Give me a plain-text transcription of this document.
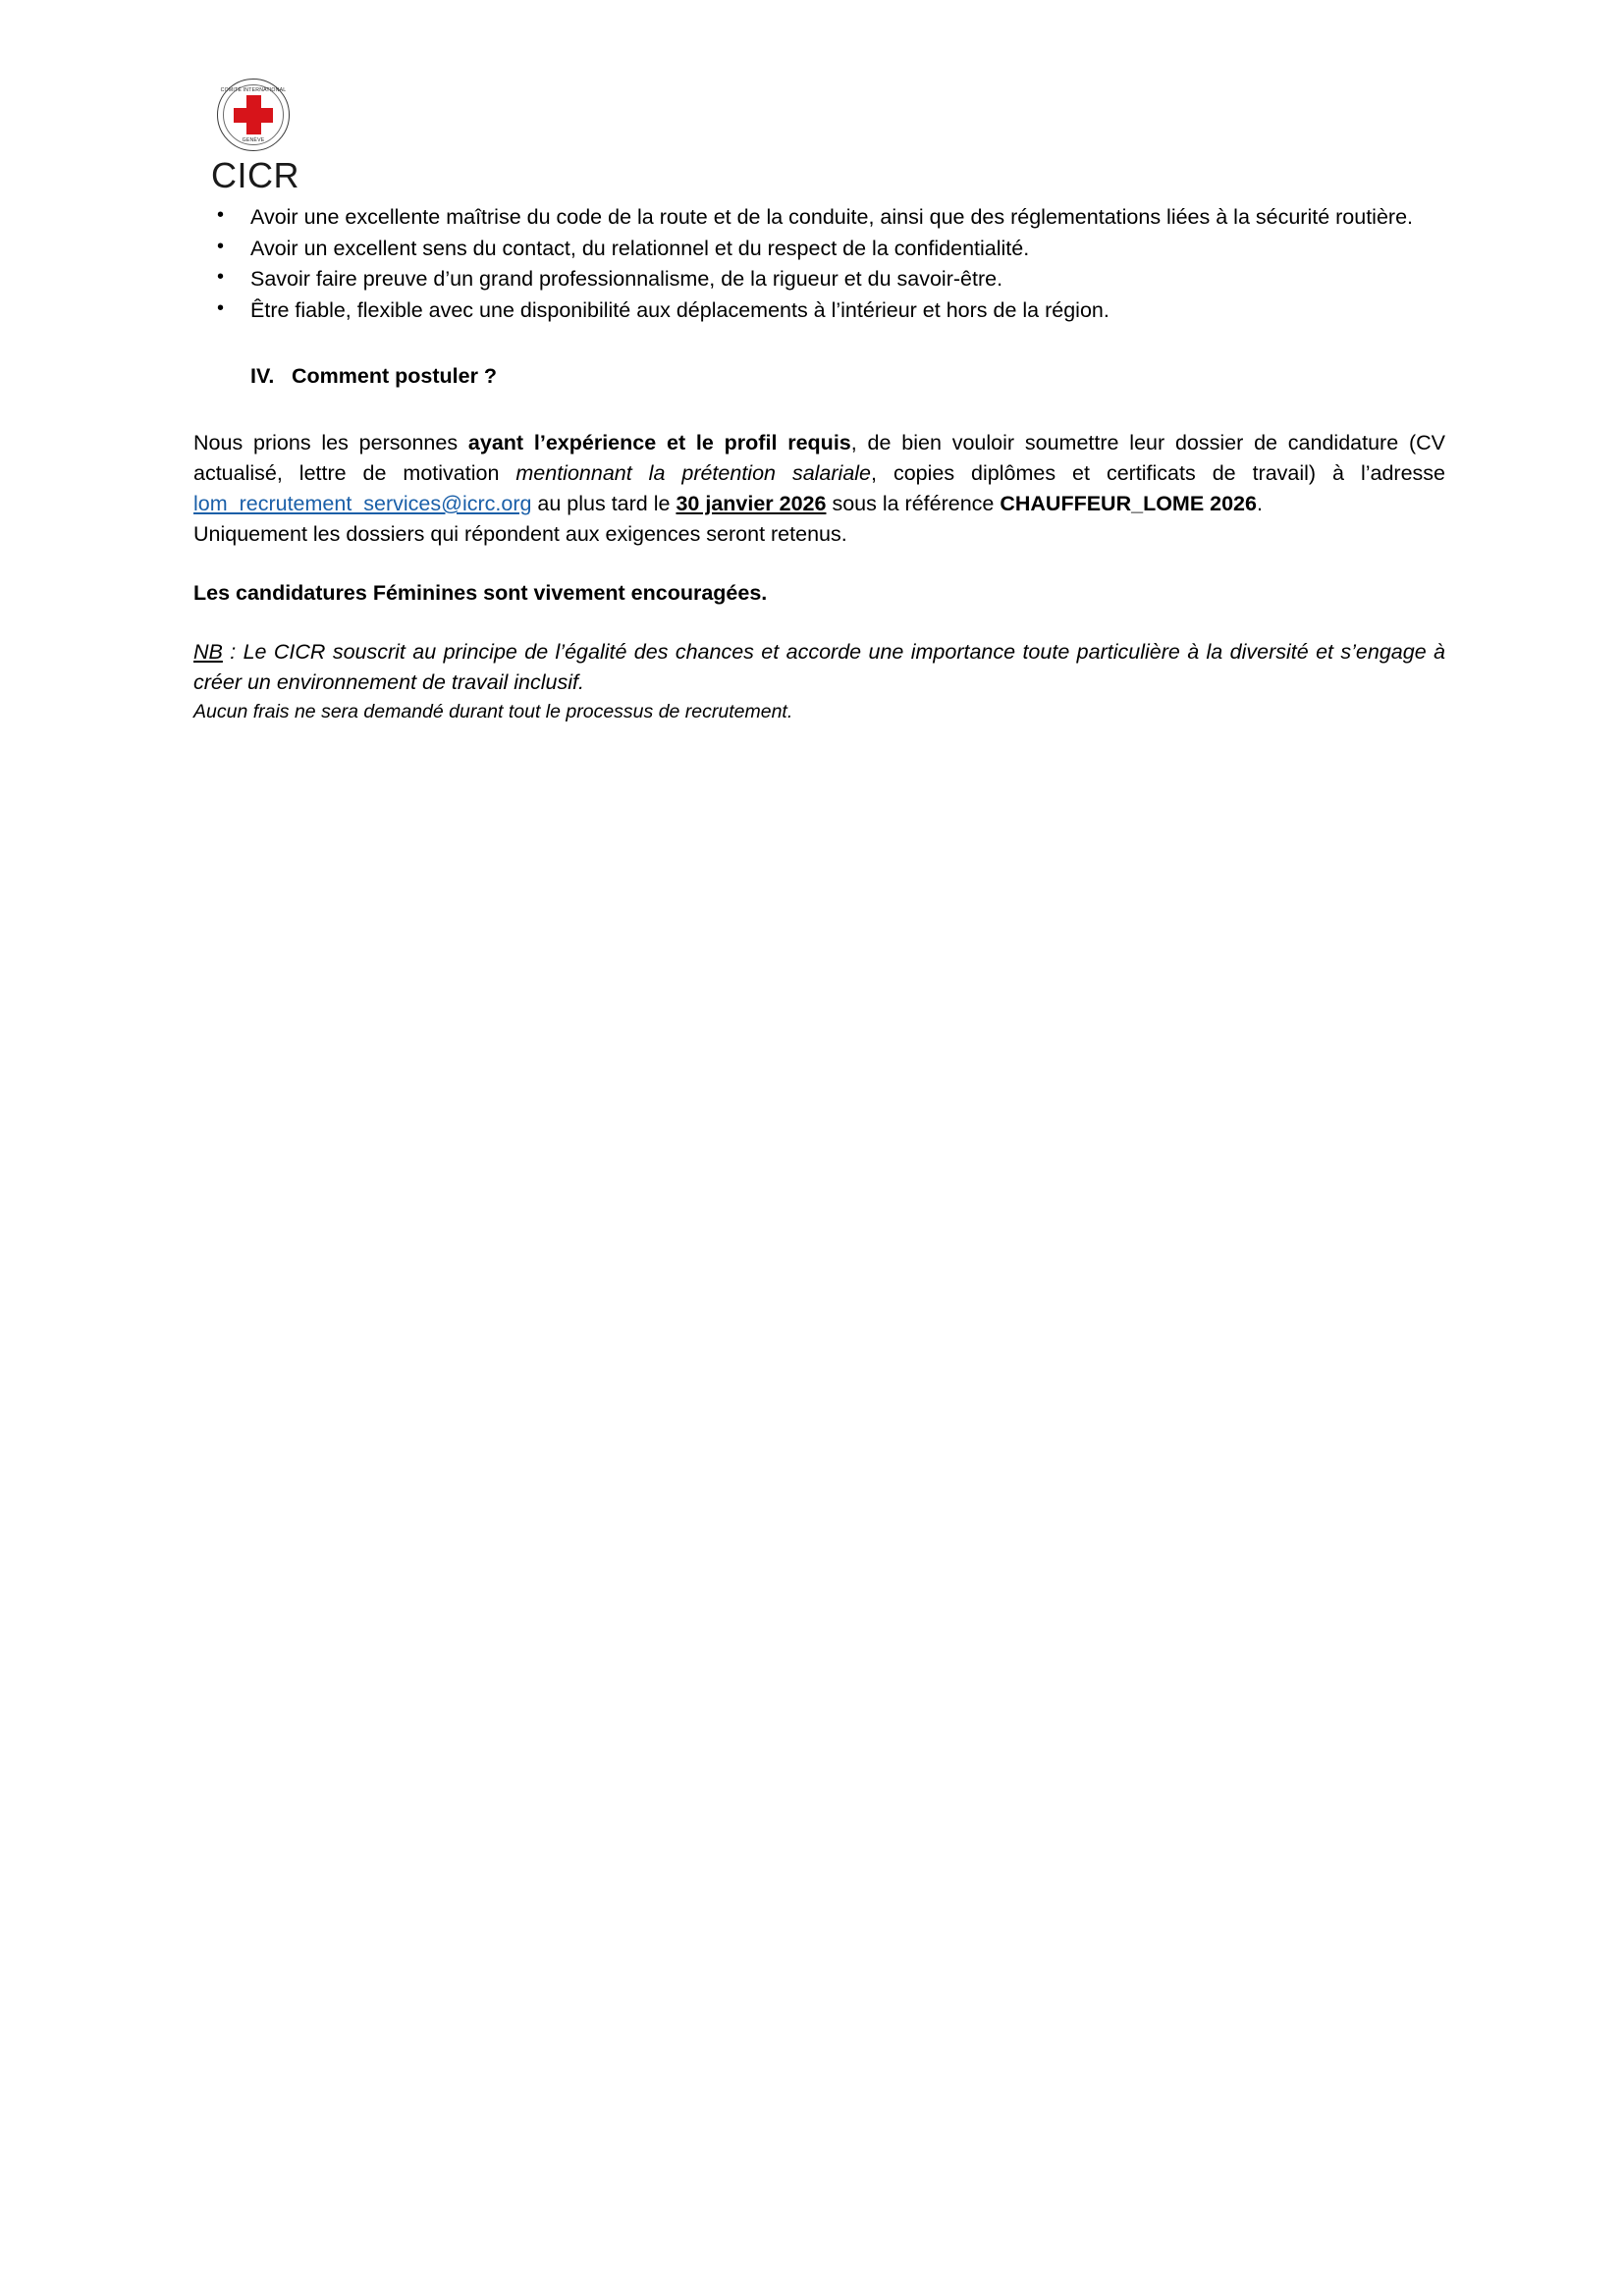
COMITÉ INTERNATIONAL
GENÈVE
CICR
• Avoir une excellente maîtrise du code de la route et de la conduite, ainsi que des réglementations liées à la sécurité routière.
• Avoir un excellent sens du contact, du relationnel et du respect de la confidentialité.
• Savoir faire preuve d’un grand professionnalisme, de la rigueur et du savoir-être.
• Être fiable, flexible avec une disponibilité aux déplacements à l’intérieur et hors de la région.
IV. Comment postuler ?

Nous prions les personnes ayant l’expérience et le profil requis, de bien vouloir soumettre leur dossier de candidature (CV actualisé, lettre de motivation mentionnant la prétention salariale, copies diplômes et certificats de travail) à l’adresse lom_recrutement_services@icrc.org au plus tard le 30 janvier 2026 sous la référence CHAUFFEUR_LOME 2026.

Uniquement les dossiers qui répondent aux exigences seront retenus.

Les candidatures Féminines sont vivement encouragées.

NB : Le CICR souscrit au principe de l’égalité des chances et accorde une importance toute particulière à la diversité et s’engage à créer un environnement de travail inclusif.

Aucun frais ne sera demandé durant tout le processus de recrutement.
